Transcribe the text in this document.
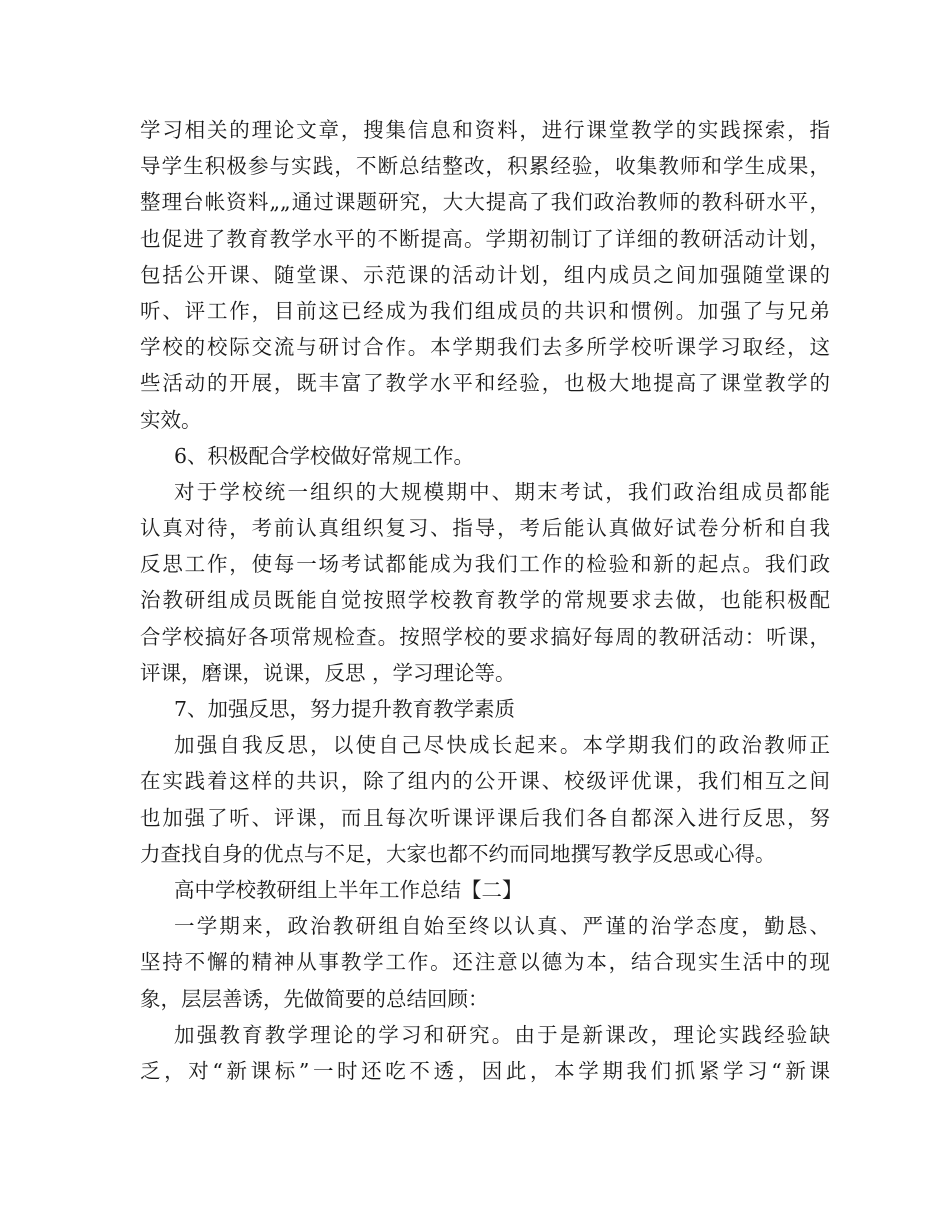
学习相关的理论文章，搜集信息和资料，进行课堂教学的实践探索，指
导学生积极参与实践，不断总结整改，积累经验，收集教师和学生成果，
整理台帐资料„„通过课题研究，大大提高了我们政治教师的教科研水平，
也促进了教育教学水平的不断提高。学期初制订了详细的教研活动计划，
包括公开课、随堂课、示范课的活动计划，组内成员之间加强随堂课的
听、评工作，目前这已经成为我们组成员的共识和惯例。加强了与兄弟
学校的校际交流与研讨合作。本学期我们去多所学校听课学习取经，这
些活动的开展，既丰富了教学水平和经验，也极大地提高了课堂教学的
实效。
6、积极配合学校做好常规工作。
对于学校统一组织的大规模期中、期末考试，我们政治组成员都能
认真对待，考前认真组织复习、指导，考后能认真做好试卷分析和自我
反思工作，使每一场考试都能成为我们工作的检验和新的起点。我们政
治教研组成员既能自觉按照学校教育教学的常规要求去做，也能积极配
合学校搞好各项常规检查。按照学校的要求搞好每周的教研活动：听课，
评课，磨课，说课，反思 ，学习理论等。
7、加强反思，努力提升教育教学素质
加强自我反思，以使自己尽快成长起来。本学期我们的政治教师正
在实践着这样的共识，除了组内的公开课、校级评优课，我们相互之间
也加强了听、评课，而且每次听课评课后我们各自都深入进行反思，努
力查找自身的优点与不足，大家也都不约而同地撰写教学反思或心得。
高中学校教研组上半年工作总结【二】
一学期来，政治教研组自始至终以认真、严谨的治学态度，勤恳、
坚持不懈的精神从事教学工作。还注意以德为本，结合现实生活中的现
象，层层善诱，先做简要的总结回顾：
加强教育教学理论的学习和研究。由于是新课改，理论实践经验缺
乏，对“新课标”一时还吃不透，因此，本学期我们抓紧学习“新课
